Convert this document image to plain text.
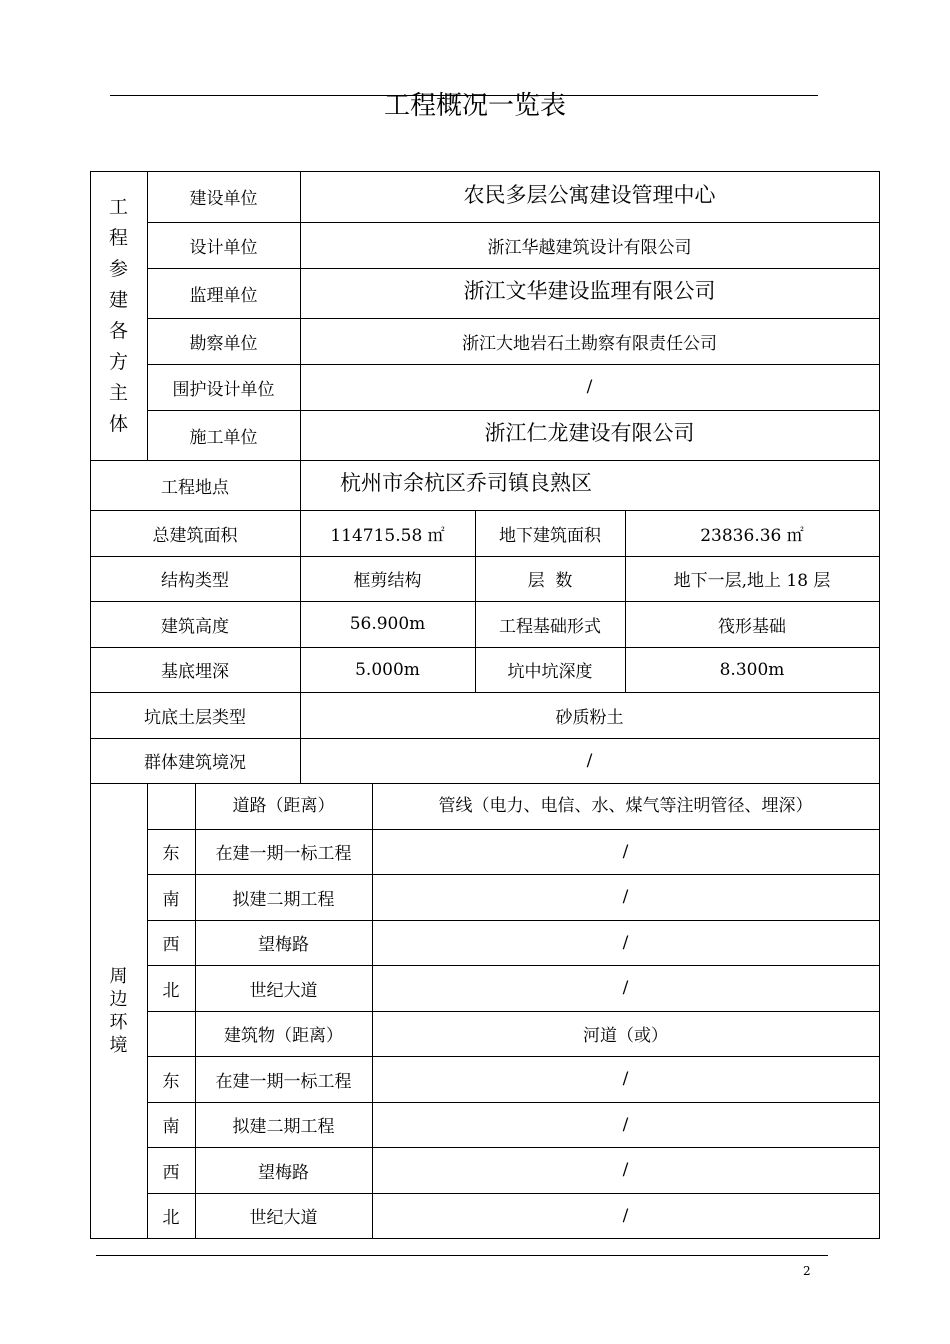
工程概况一览表
工
程
参
建
各
方
主
体
建设单位	农民多层公寓建设管理中心
设计单位	浙江华越建筑设计有限公司
监理单位	浙江文华建设监理有限公司
勘察单位	浙江大地岩石土勘察有限责任公司
围护设计单位	/
施工单位	浙江仁龙建设有限公司
工程地点	杭州市余杭区乔司镇良熟区
总建筑面积	114715.58 ㎡	地下建筑面积	23836.36 ㎡
结构类型	框剪结构	层  数	地下一层,地上 18 层
建筑高度	56.900m	工程基础形式	筏形基础
基底埋深	5.000m	坑中坑深度	8.300m
坑底土层类型	砂质粉土
群体建筑境况	/
周
边
环
境
道路（距离）	管线（电力、电信、水、煤气等注明管径、埋深）
东	在建一期一标工程	/
南	拟建二期工程	/
西	望梅路	/
北	世纪大道	/
建筑物（距离）	河道（或）
东	在建一期一标工程	/
南	拟建二期工程	/
西	望梅路	/
北	世纪大道	/
2
